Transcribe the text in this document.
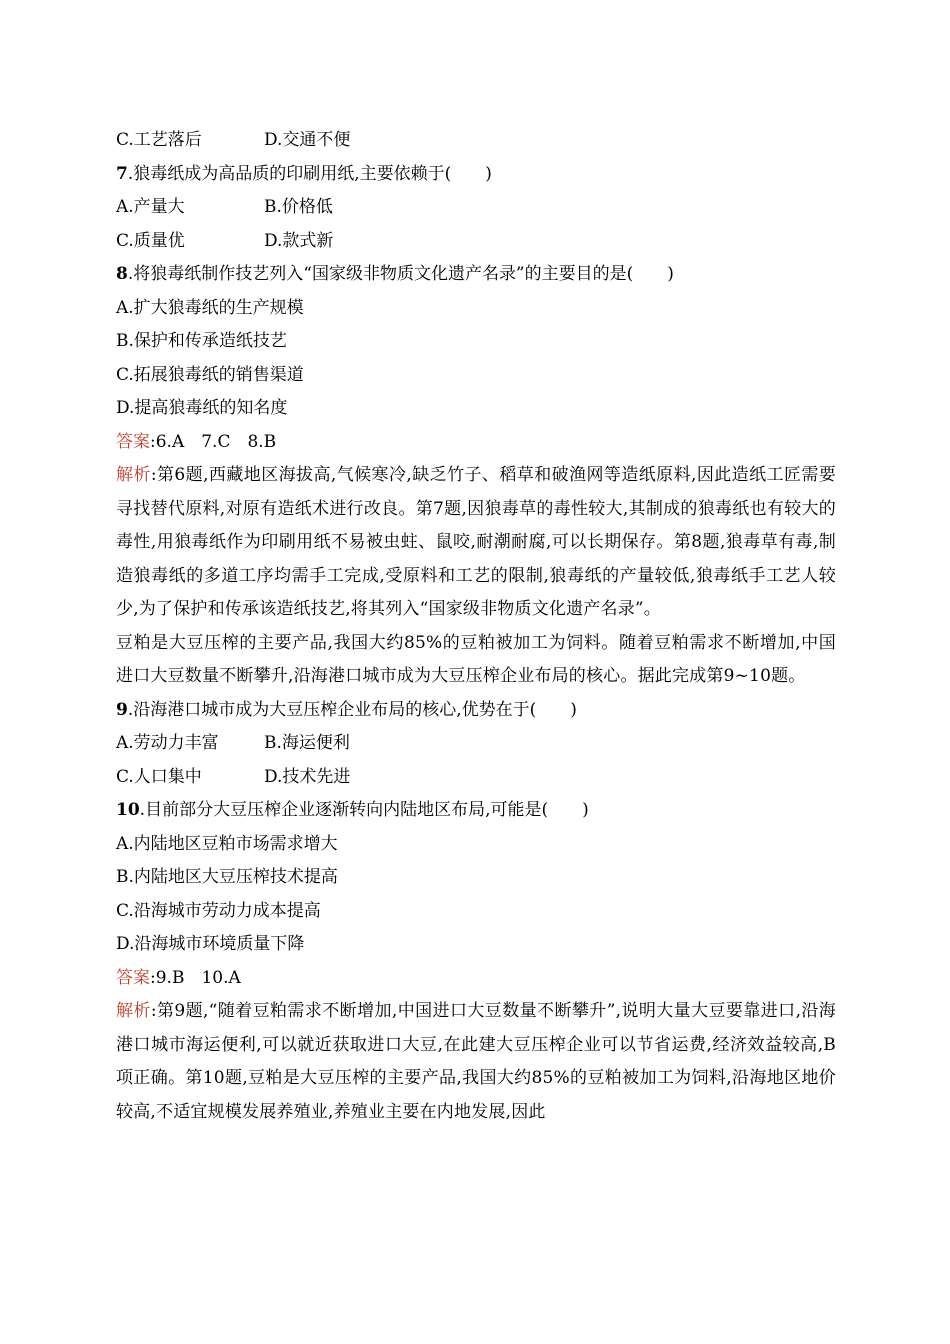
C.工艺落后	D.交通不便
7.狼毒纸成为高品质的印刷用纸,主要依赖于(　　)
A.产量大	B.价格低
C.质量优	D.款式新
8.将狼毒纸制作技艺列入“国家级非物质文化遗产名录”的主要目的是(　　)
A.扩大狼毒纸的生产规模
B.保护和传承造纸技艺
C.拓展狼毒纸的销售渠道
D.提高狼毒纸的知名度
答案:6.A　7.C　8.B
解析:第6题,西藏地区海拔高,气候寒冷,缺乏竹子、稻草和破渔网等造纸原料,因此造纸工匠需要寻找替代原料,对原有造纸术进行改良。第7题,因狼毒草的毒性较大,其制成的狼毒纸也有较大的毒性,用狼毒纸作为印刷用纸不易被虫蛀、鼠咬,耐潮耐腐,可以长期保存。第8题,狼毒草有毒,制造狼毒纸的多道工序均需手工完成,受原料和工艺的限制,狼毒纸的产量较低,狼毒纸手工艺人较少,为了保护和传承该造纸技艺,将其列入“国家级非物质文化遗产名录”。
豆粕是大豆压榨的主要产品,我国大约85%的豆粕被加工为饲料。随着豆粕需求不断增加,中国进口大豆数量不断攀升,沿海港口城市成为大豆压榨企业布局的核心。据此完成第9~10题。
9.沿海港口城市成为大豆压榨企业布局的核心,优势在于(　　)
A.劳动力丰富	B.海运便利
C.人口集中	D.技术先进
10.目前部分大豆压榨企业逐渐转向内陆地区布局,可能是(　　)
A.内陆地区豆粕市场需求增大
B.内陆地区大豆压榨技术提高
C.沿海城市劳动力成本提高
D.沿海城市环境质量下降
答案:9.B　10.A
解析:第9题,“随着豆粕需求不断增加,中国进口大豆数量不断攀升”,说明大量大豆要靠进口,沿海港口城市海运便利,可以就近获取进口大豆,在此建大豆压榨企业可以节省运费,经济效益较高,B项正确。第10题,豆粕是大豆压榨的主要产品,我国大约85%的豆粕被加工为饲料,沿海地区地价较高,不适宜规模发展养殖业,养殖业主要在内地发展,因此
